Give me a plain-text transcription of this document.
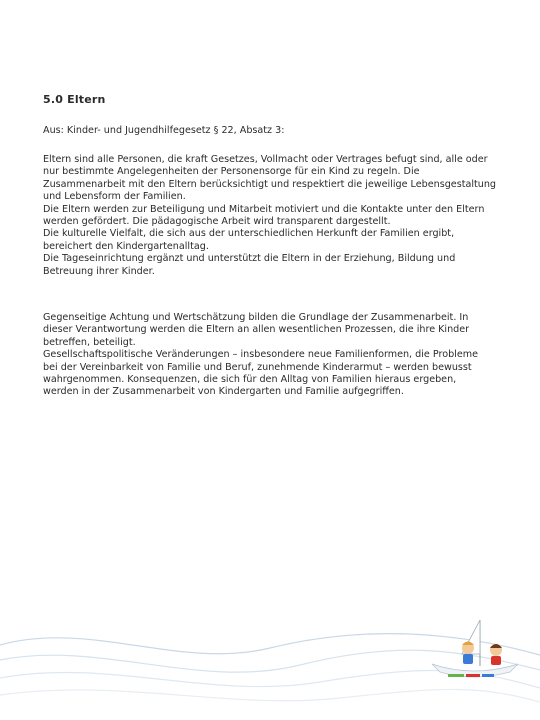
5.0 Eltern
Aus: Kinder- und Jugendhilfegesetz § 22, Absatz 3:
Eltern sind alle Personen, die kraft Gesetzes, Vollmacht oder Vertrages befugt sind, alle oder
nur bestimmte Angelegenheiten der Personensorge für ein Kind zu regeln. Die
Zusammenarbeit mit den Eltern berücksichtigt und respektiert die jeweilige Lebensgestaltung
und Lebensform der Familien.
Die Eltern werden zur Beteiligung und Mitarbeit motiviert und die Kontakte unter den Eltern
werden gefördert. Die pädagogische Arbeit wird transparent dargestellt.
Die kulturelle Vielfalt, die sich aus der unterschiedlichen Herkunft der Familien ergibt,
bereichert den Kindergartenalltag.
Die Tageseinrichtung ergänzt und unterstützt die Eltern in der Erziehung, Bildung und
Betreuung ihrer Kinder.
Gegenseitige Achtung und Wertschätzung bilden die Grundlage der Zusammenarbeit. In
dieser Verantwortung werden die Eltern an allen wesentlichen Prozessen, die ihre Kinder
betreffen, beteiligt.
Gesellschaftspolitische Veränderungen – insbesondere neue Familienformen, die Probleme
bei der Vereinbarkeit von Familie und Beruf, zunehmende Kinderarmut – werden bewusst
wahrgenommen. Konsequenzen, die sich für den Alltag von Familien hieraus ergeben,
werden in der Zusammenarbeit von Kindergarten und Familie aufgegriffen.
